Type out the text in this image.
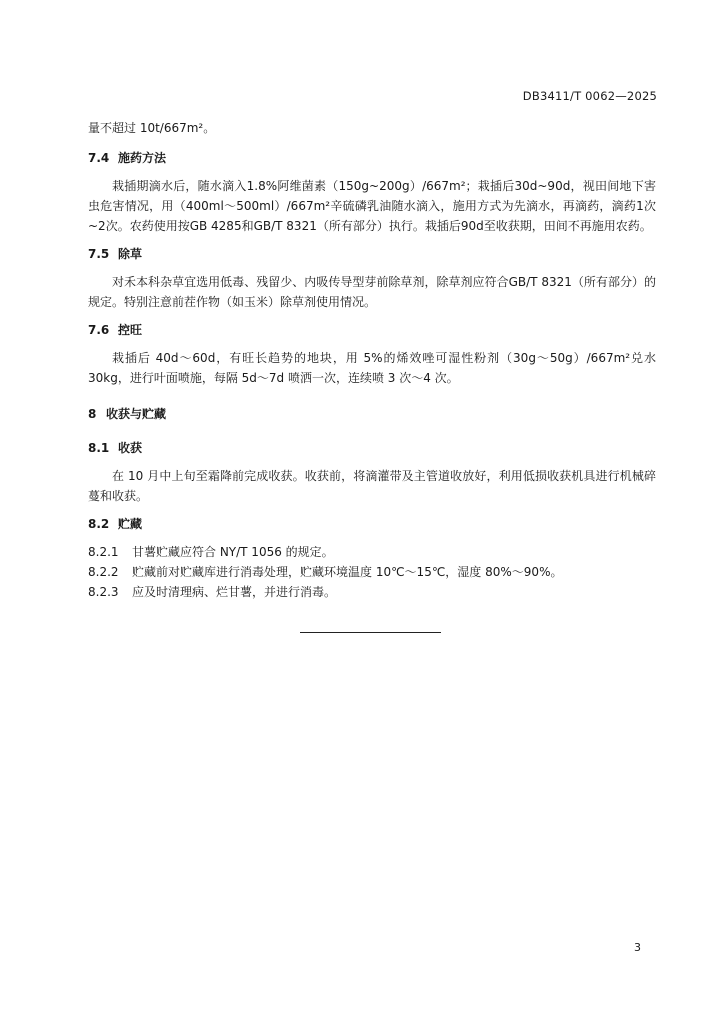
DB3411/T 0062—2025

量不超过 10t/667m²。

7.4 施药方法

栽插期滴水后，随水滴入1.8%阿维菌素（150g~200g）/667m²；栽插后30d~90d，视田间地下害虫危害情况，用（400ml～500ml）/667m²辛硫磷乳油随水滴入，施用方式为先滴水，再滴药，滴药1次~2次。农药使用按GB 4285和GB/T 8321（所有部分）执行。栽插后90d至收获期，田间不再施用农药。

7.5 除草

对禾本科杂草宜选用低毒、残留少、内吸传导型芽前除草剂，除草剂应符合GB/T 8321（所有部分）的规定。特别注意前茬作物（如玉米）除草剂使用情况。

7.6 控旺

栽插后 40d～60d，有旺长趋势的地块，用 5%的烯效唑可湿性粉剂（30g～50g）/667m²兑水 30kg，进行叶面喷施，每隔 5d～7d 喷洒一次，连续喷 3 次～4 次。

8 收获与贮藏
8.1 收获

在 10 月中上旬至霜降前完成收获。收获前，将滴灌带及主管道收放好，利用低损收获机具进行机械碎蔓和收获。

8.2 贮藏

8.2.1 甘薯贮藏应符合 NY/T 1056 的规定。

8.2.2 贮藏前对贮藏库进行消毒处理，贮藏环境温度 10℃～15℃，湿度 80%～90%。

8.2.3 应及时清理病、烂甘薯，并进行消毒。

3
